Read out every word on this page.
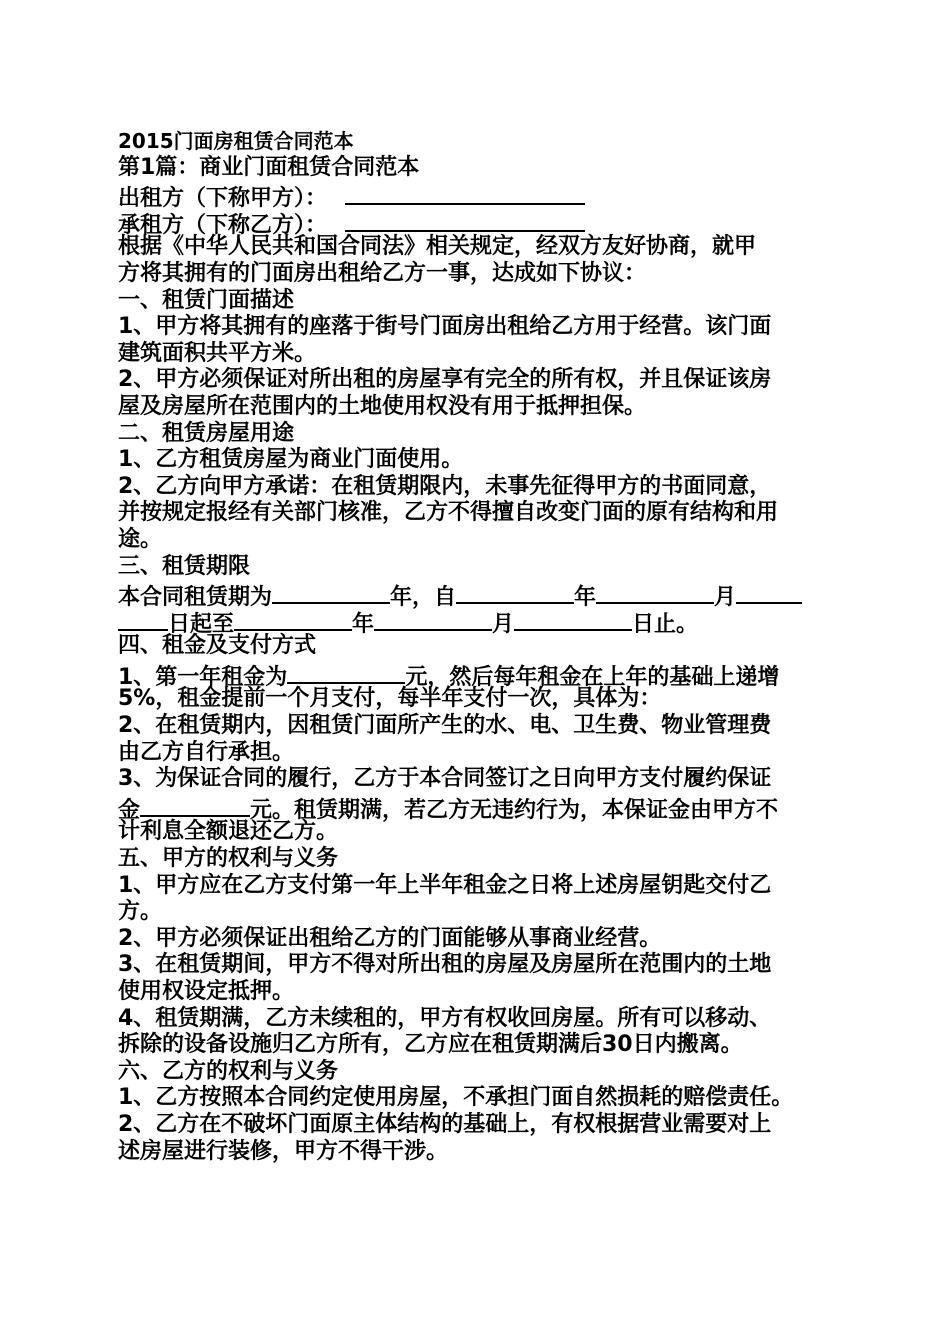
2015门面房租赁合同范本
第1篇：商业门面租赁合同范本
出租方（下称甲方）：
承租方（下称乙方）：
根据《中华人民共和国合同法》相关规定，经双方友好协商，就甲
方将其拥有的门面房出租给乙方一事，达成如下协议：
一、租赁门面描述
1、甲方将其拥有的座落于街号门面房出租给乙方用于经营。该门面
建筑面积共平方米。
2、甲方必须保证对所出租的房屋享有完全的所有权，并且保证该房
屋及房屋所在范围内的土地使用权没有用于抵押担保。
二、租赁房屋用途
1、乙方租赁房屋为商业门面使用。
2、乙方向甲方承诺：在租赁期限内，未事先征得甲方的书面同意，
并按规定报经有关部门核准，乙方不得擅自改变门面的原有结构和用
途。
三、租赁期限
本合同租赁期为	年，自	年	月
日起至	年	月	日止。
四、租金及支付方式
1、第一年租金为	元，然后每年租金在上年的基础上递增
5%，租金提前一个月支付，每半年支付一次，具体为：
2、在租赁期内，因租赁门面所产生的水、电、卫生费、物业管理费
由乙方自行承担。
3、为保证合同的履行，乙方于本合同签订之日向甲方支付履约保证
金	元。租赁期满，若乙方无违约行为，本保证金由甲方不
计利息全额退还乙方。
五、甲方的权利与义务
1、甲方应在乙方支付第一年上半年租金之日将上述房屋钥匙交付乙
方。
2、甲方必须保证出租给乙方的门面能够从事商业经营。
3、在租赁期间，甲方不得对所出租的房屋及房屋所在范围内的土地
使用权设定抵押。
4、租赁期满，乙方未续租的，甲方有权收回房屋。所有可以移动、
拆除的设备设施归乙方所有，乙方应在租赁期满后30日内搬离。
六、乙方的权利与义务
1、乙方按照本合同约定使用房屋，不承担门面自然损耗的赔偿责任。
2、乙方在不破坏门面原主体结构的基础上，有权根据营业需要对上
述房屋进行装修，甲方不得干涉。
